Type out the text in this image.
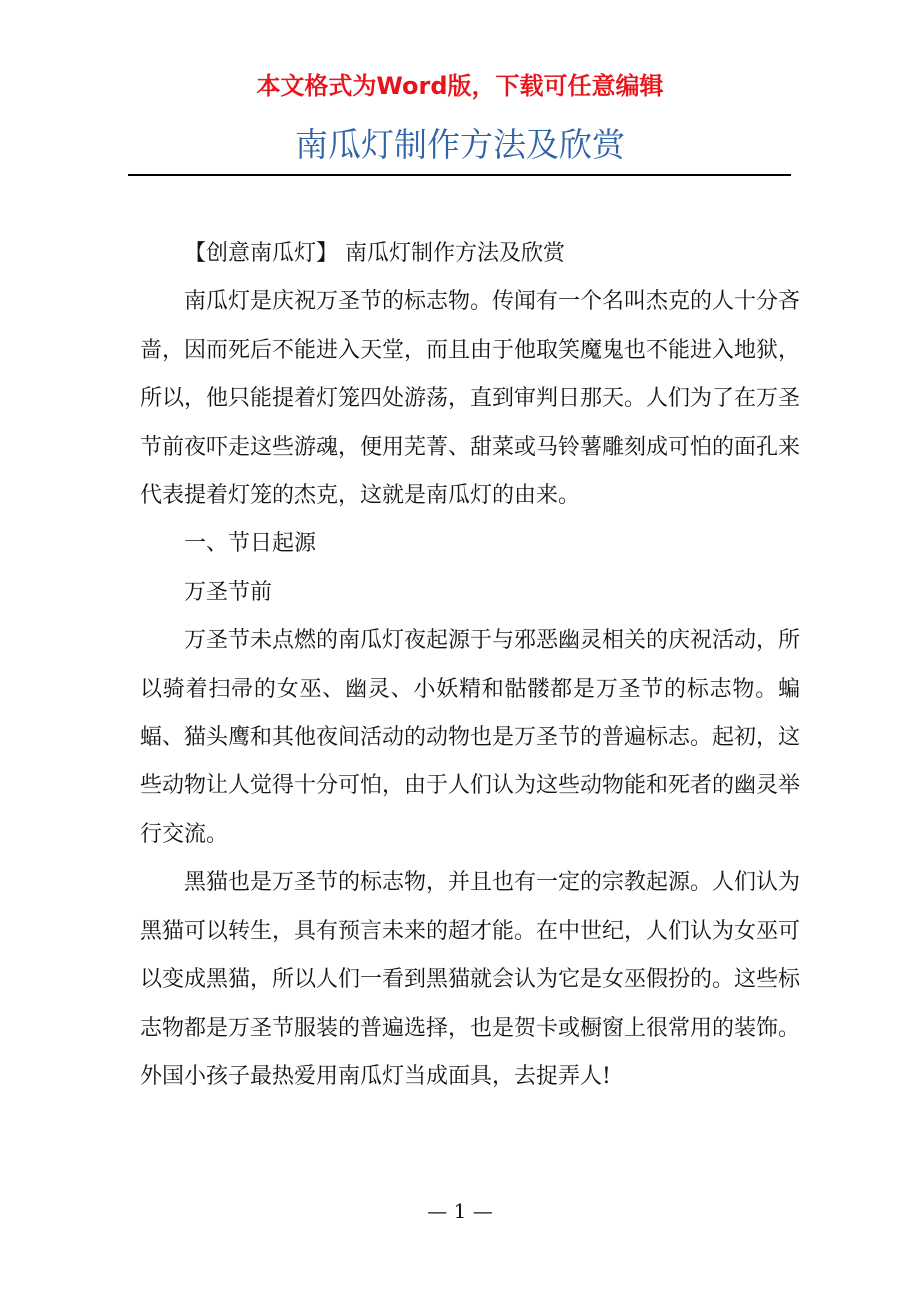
本文格式为Word版，下载可任意编辑
南瓜灯制作方法及欣赏

【创意南瓜灯】 南瓜灯制作方法及欣赏

南瓜灯是庆祝万圣节的标志物。传闻有一个名叫杰克的人十分吝啬，因而死后不能进入天堂，而且由于他取笑魔鬼也不能进入地狱，所以，他只能提着灯笼四处游荡，直到审判日那天。人们为了在万圣节前夜吓走这些游魂，便用芜菁、甜菜或马铃薯雕刻成可怕的面孔来代表提着灯笼的杰克，这就是南瓜灯的由来。

一、节日起源

万圣节前

万圣节未点燃的南瓜灯夜起源于与邪恶幽灵相关的庆祝活动，所以骑着扫帚的女巫、幽灵、小妖精和骷髅都是万圣节的标志物。蝙蝠、猫头鹰和其他夜间活动的动物也是万圣节的普遍标志。起初，这些动物让人觉得十分可怕，由于人们认为这些动物能和死者的幽灵举行交流。

黑猫也是万圣节的标志物，并且也有一定的宗教起源。人们认为黑猫可以转生，具有预言未来的超才能。在中世纪，人们认为女巫可以变成黑猫，所以人们一看到黑猫就会认为它是女巫假扮的。这些标志物都是万圣节服装的普遍选择，也是贺卡或橱窗上很常用的装饰。外国小孩子最热爱用南瓜灯当成面具，去捉弄人!

— 1 —
